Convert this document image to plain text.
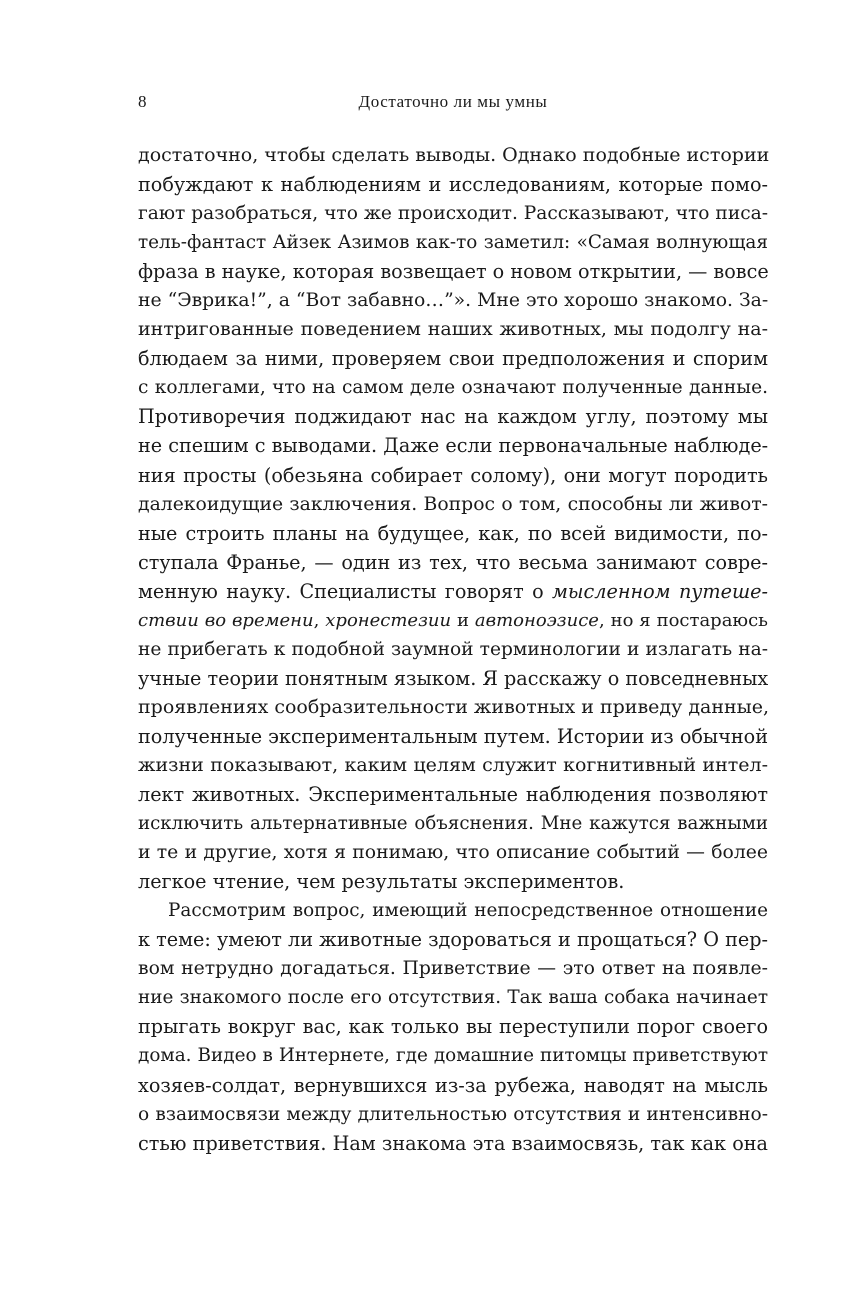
8	Достаточно ли мы умны
достаточно, чтобы сделать выводы. Однако подобные истории
побуждают к наблюдениям и исследованиям, которые помо-
гают разобраться, что же происходит. Рассказывают, что писа-
тель-фантаст Айзек Азимов как-то заметил: «Самая волнующая
фраза в науке, которая возвещает о новом открытии, — вовсе
не “Эврика!”, а “Вот забавно…”». Мне это хорошо знакомо. За-
интригованные поведением наших животных, мы подолгу на-
блюдаем за ними, проверяем свои предположения и спорим
с коллегами, что на самом деле означают полученные данные.
Противоречия поджидают нас на каждом углу, поэтому мы
не спешим с выводами. Даже если первоначальные наблюде-
ния просты (обезьяна собирает солому), они могут породить
далекоидущие заключения. Вопрос о том, способны ли живот-
ные строить планы на будущее, как, по всей видимости, по-
ступала Франье, — один из тех, что весьма занимают совре-
менную науку. Специалисты говорят о мысленном путеше-
ствии во времени, хронестезии и автоноэзисе, но я постараюсь
не прибегать к подобной заумной терминологии и излагать на-
учные теории понятным языком. Я расскажу о повседневных
проявлениях сообразительности животных и приведу данные,
полученные экспериментальным путем. Истории из обычной
жизни показывают, каким целям служит когнитивный интел-
лект животных. Экспериментальные наблюдения позволяют
исключить альтернативные объяснения. Мне кажутся важными
и те и другие, хотя я понимаю, что описание событий — более
легкое чтение, чем результаты экспериментов.
Рассмотрим вопрос, имеющий непосредственное отношение
к теме: умеют ли животные здороваться и прощаться? О пер-
вом нетрудно догадаться. Приветствие — это ответ на появле-
ние знакомого после его отсутствия. Так ваша собака начинает
прыгать вокруг вас, как только вы переступили порог своего
дома. Видео в Интернете, где домашние питомцы приветствуют
хозяев-солдат, вернувшихся из-за рубежа, наводят на мысль
о взаимосвязи между длительностью отсутствия и интенсивно-
стью приветствия. Нам знакома эта взаимосвязь, так как она
